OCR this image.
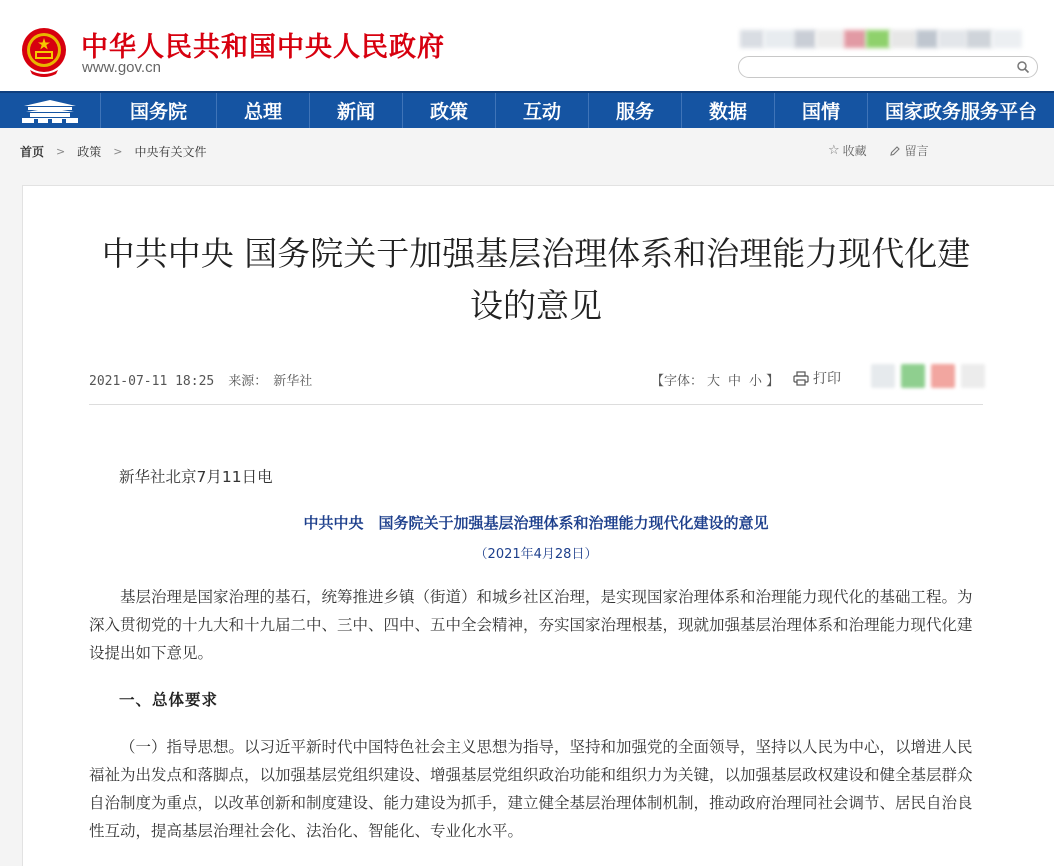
中华人民共和国中央人民政府
www.gov.cn
国务院	总理	新闻	政策	互动	服务	数据	国情	国家政务服务平台
首页 > 政策 > 中央有关文件	☆ 收藏	留言
中共中央 国务院关于加强基层治理体系和治理能力现代化建设的意见
2021-07-11 18:25 来源： 新华社	【字体： 大 中 小 】 打印
新华社北京7月11日电
中共中央　国务院关于加强基层治理体系和治理能力现代化建设的意见
（2021年4月28日）

基层治理是国家治理的基石，统筹推进乡镇（街道）和城乡社区治理，是实现国家治理体系和治理能力现代化的基础工程。为深入贯彻党的十九大和十九届二中、三中、四中、五中全会精神，夯实国家治理根基，现就加强基层治理体系和治理能力现代化建设提出如下意见。

一、总体要求

（一）指导思想。以习近平新时代中国特色社会主义思想为指导，坚持和加强党的全面领导，坚持以人民为中心，以增进人民福祉为出发点和落脚点，以加强基层党组织建设、增强基层党组织政治功能和组织力为关键，以加强基层政权建设和健全基层群众自治制度为重点，以改革创新和制度建设、能力建设为抓手，建立健全基层治理体制机制，推动政府治理同社会调节、居民自治良性互动，提高基层治理社会化、法治化、智能化、专业化水平。
